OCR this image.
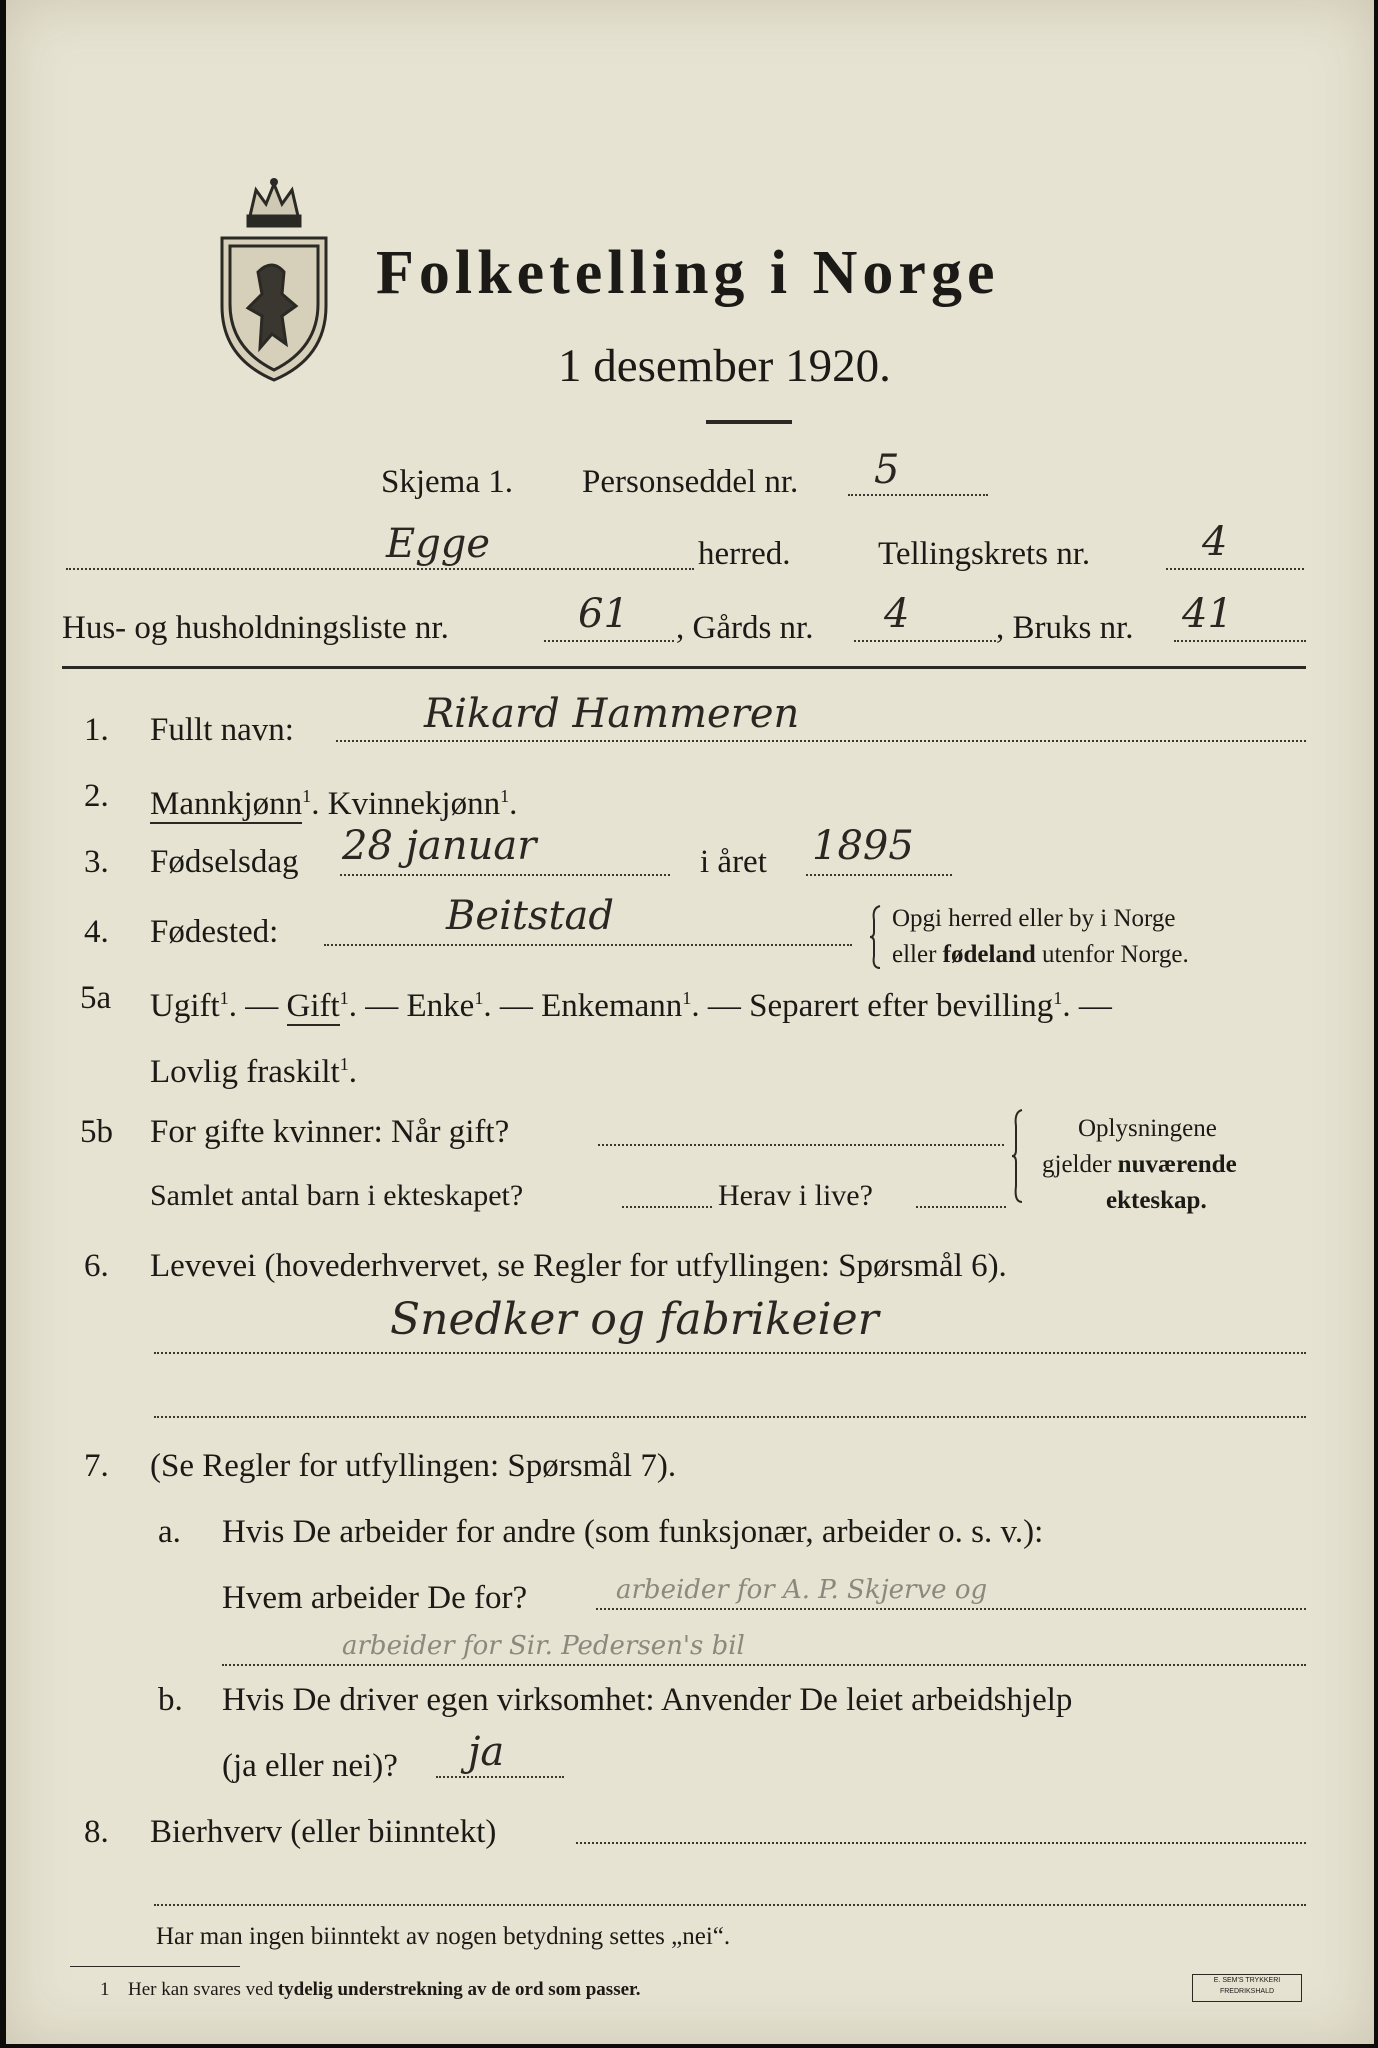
Folketelling i Norge
1 desember 1920.
Skjema 1. Personseddel nr. 5
Egge	herred.	Tellingskrets nr.	4
Hus- og husholdningsliste nr.	61 , Gårds nr. 4	, Bruks nr. 41
1. Fullt navn:	Rikard Hammeren
2. Mannkjønn$^1$. Kvinnekjønn$^1$.
3. Fødselsdag 28 januar	i året 1895
4. Fødested:	Beitstad	Opgi herred eller by i Norge
eller fødeland utenfor Norge.
5a Ugift$^1$. — Gift$^1$. — Enke$^1$. — Enkemann$^1$. — Separert efter bevilling$^1$. —
Lovlig fraskilt$^1$.
5b For gifte kvinner: Når gift?
Samlet antal barn i ekteskapet?	Herav i live?
Oplysningene
gjelder nuværende
ekteskap.
6. Levevei (hovederhvervet, se Regler for utfyllingen: Spørsmål 6).
Snedker og fabrikeier
7. (Se Regler for utfyllingen: Spørsmål 7).
a. Hvis De arbeider for andre (som funksjonær, arbeider o. s. v.):
Hvem arbeider De for?	arbeider for A. P. Skjerve og
arbeider for Sir. Pedersen's bil
b. Hvis De driver egen virksomhet: Anvender De leiet arbeidshjelp
(ja eller nei)? ja
8. Bierhverv (eller biinntekt)
Har man ingen biinntekt av nogen betydning settes „nei“.
1 Her kan svares ved tydelig understrekning av de ord som passer.	E. SEM'S TRYKKERI
FREDRIKSHALD
